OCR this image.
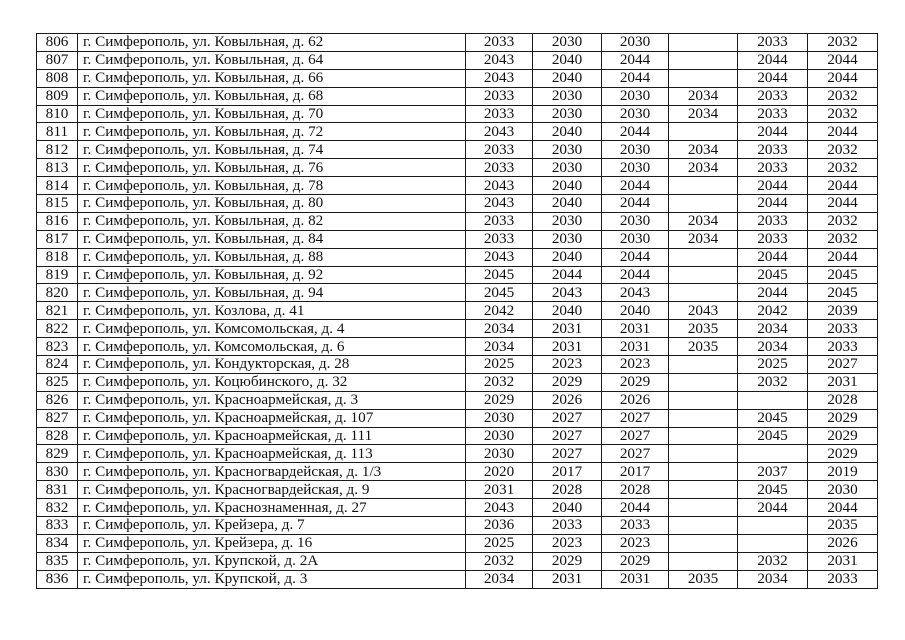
806	г. Симферополь, ул. Ковыльная, д. 62	2033	2030	2030		2033	2032
807	г. Симферополь, ул. Ковыльная, д. 64	2043	2040	2044		2044	2044
808	г. Симферополь, ул. Ковыльная, д. 66	2043	2040	2044		2044	2044
809	г. Симферополь, ул. Ковыльная, д. 68	2033	2030	2030	2034	2033	2032
810	г. Симферополь, ул. Ковыльная, д. 70	2033	2030	2030	2034	2033	2032
811	г. Симферополь, ул. Ковыльная, д. 72	2043	2040	2044		2044	2044
812	г. Симферополь, ул. Ковыльная, д. 74	2033	2030	2030	2034	2033	2032
813	г. Симферополь, ул. Ковыльная, д. 76	2033	2030	2030	2034	2033	2032
814	г. Симферополь, ул. Ковыльная, д. 78	2043	2040	2044		2044	2044
815	г. Симферополь, ул. Ковыльная, д. 80	2043	2040	2044		2044	2044
816	г. Симферополь, ул. Ковыльная, д. 82	2033	2030	2030	2034	2033	2032
817	г. Симферополь, ул. Ковыльная, д. 84	2033	2030	2030	2034	2033	2032
818	г. Симферополь, ул. Ковыльная, д. 88	2043	2040	2044		2044	2044
819	г. Симферополь, ул. Ковыльная, д. 92	2045	2044	2044		2045	2045
820	г. Симферополь, ул. Ковыльная, д. 94	2045	2043	2043		2044	2045
821	г. Симферополь, ул. Козлова, д. 41	2042	2040	2040	2043	2042	2039
822	г. Симферополь, ул. Комсомольская, д. 4	2034	2031	2031	2035	2034	2033
823	г. Симферополь, ул. Комсомольская, д. 6	2034	2031	2031	2035	2034	2033
824	г. Симферополь, ул. Кондукторская, д. 28	2025	2023	2023		2025	2027
825	г. Симферополь, ул. Коцюбинского, д. 32	2032	2029	2029		2032	2031
826	г. Симферополь, ул. Красноармейская, д. 3	2029	2026	2026			2028
827	г. Симферополь, ул. Красноармейская, д. 107	2030	2027	2027		2045	2029
828	г. Симферополь, ул. Красноармейская, д. 111	2030	2027	2027		2045	2029
829	г. Симферополь, ул. Красноармейская, д. 113	2030	2027	2027			2029
830	г. Симферополь, ул. Красногвардейская, д. 1/3	2020	2017	2017		2037	2019
831	г. Симферополь, ул. Красногвардейская, д. 9	2031	2028	2028		2045	2030
832	г. Симферополь, ул. Краснознаменная, д. 27	2043	2040	2044		2044	2044
833	г. Симферополь, ул. Крейзера, д. 7	2036	2033	2033			2035
834	г. Симферополь, ул. Крейзера, д. 16	2025	2023	2023			2026
835	г. Симферополь, ул. Крупской, д. 2А	2032	2029	2029		2032	2031
836	г. Симферополь, ул. Крупской, д. 3	2034	2031	2031	2035	2034	2033
